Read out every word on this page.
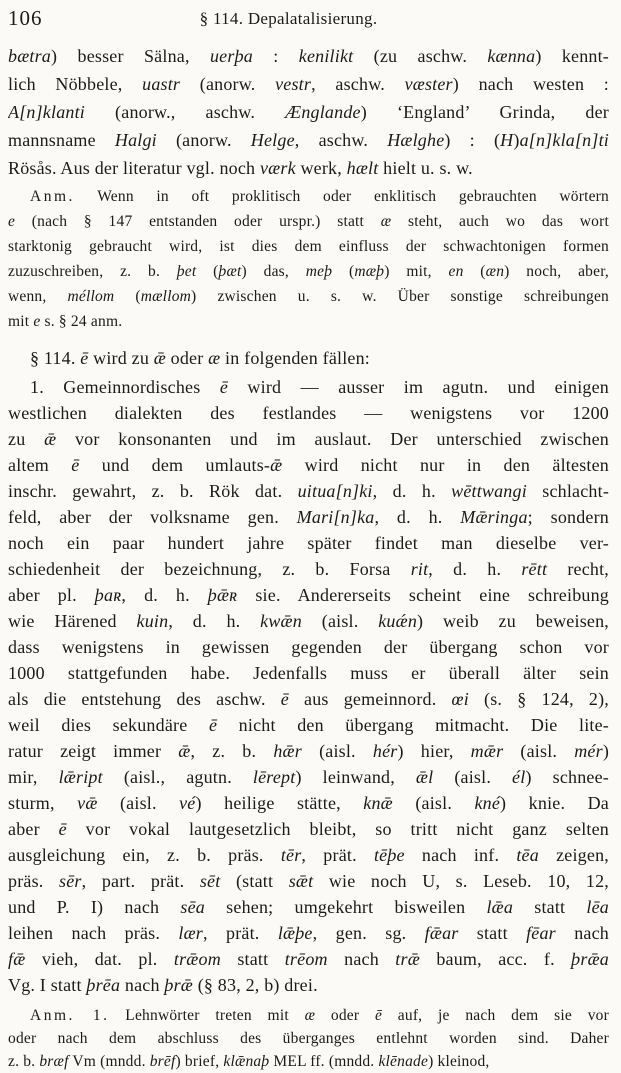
106	§ 114. Depalatalisierung.
bætra) besser Sälna, uerþa : kenilikt (zu aschw. kænna) kennt-
lich Nöbbele, uastr (anorw. vestr, aschw. væster) nach westen :
A[n]klanti (anorw., aschw. Ænglande) ‘England’ Grinda, der
mannsname Halgi (anorw. Helge, aschw. Hælghe) : (H)a[n]kla[n]ti
Rösås. Aus der literatur vgl. noch værk werk, hælt hielt u. s. w.
Anm. Wenn in oft proklitisch oder enklitisch gebrauchten wörtern
e (nach § 147 entstanden oder urspr.) statt æ steht, auch wo das wort
starktonig gebraucht wird, ist dies dem einfluss der schwachtonigen formen
zuzuschreiben, z. b. þet (þæt) das, meþ (mæþ) mit, en (æn) noch, aber,
wenn, méllom (mællom) zwischen u. s. w. Über sonstige schreibungen
mit e s. § 24 anm.
§ 114. ē wird zu ǣ oder æ in folgenden fällen:
1. Gemeinnordisches ē wird — ausser im agutn. und einigen
westlichen dialekten des festlandes — wenigstens vor 1200
zu ǣ vor konsonanten und im auslaut. Der unterschied zwischen
altem ē und dem umlauts-ǣ wird nicht nur in den ältesten
inschr. gewahrt, z. b. Rök dat. uitua[n]ki, d. h. wēttwangi schlacht-
feld, aber der volksname gen. Mari[n]ka, d. h. Mǣringa; sondern
noch ein paar hundert jahre später findet man dieselbe ver-
schiedenheit der bezeichnung, z. b. Forsa rit, d. h. rētt recht,
aber pl. þaʀ, d. h. þǣʀ sie. Andererseits scheint eine schreibung
wie Härened kuin, d. h. kwǣn (aisl. kuǽn) weib zu beweisen,
dass wenigstens in gewissen gegenden der übergang schon vor
1000 stattgefunden habe. Jedenfalls muss er überall älter sein
als die entstehung des aschw. ē aus gemeinnord. œi (s. § 124, 2),
weil dies sekundäre ē nicht den übergang mitmacht. Die lite-
ratur zeigt immer ǣ, z. b. hǣr (aisl. hér) hier, mǣr (aisl. mér)
mir, lǣript (aisl., agutn. lērept) leinwand, ǣl (aisl. él) schnee-
sturm, vǣ (aisl. vé) heilige stätte, knǣ (aisl. kné) knie. Da
aber ē vor vokal lautgesetzlich bleibt, so tritt nicht ganz selten
ausgleichung ein, z. b. präs. tēr, prät. tēþe nach inf. tēa zeigen,
präs. sēr, part. prät. sēt (statt sǣt wie noch U, s. Leseb. 10, 12,
und P. I) nach sēa sehen; umgekehrt bisweilen lǣa statt lēa
leihen nach präs. lær, prät. lǣþe, gen. sg. fǣar statt fēar nach
fǣ vieh, dat. pl. trǣom statt trēom nach trǣ baum, acc. f. þrǣa
Vg. I statt þrēa nach þrǣ (§ 83, 2, b) drei.
Anm. 1. Lehnwörter treten mit æ oder ē auf, je nach dem sie vor
oder nach dem abschluss des überganges entlehnt worden sind. Daher
z. b. bræf Vm (mndd. brēf) brief, klǣnaþ MEL ff. (mndd. klēnade) kleinod,
